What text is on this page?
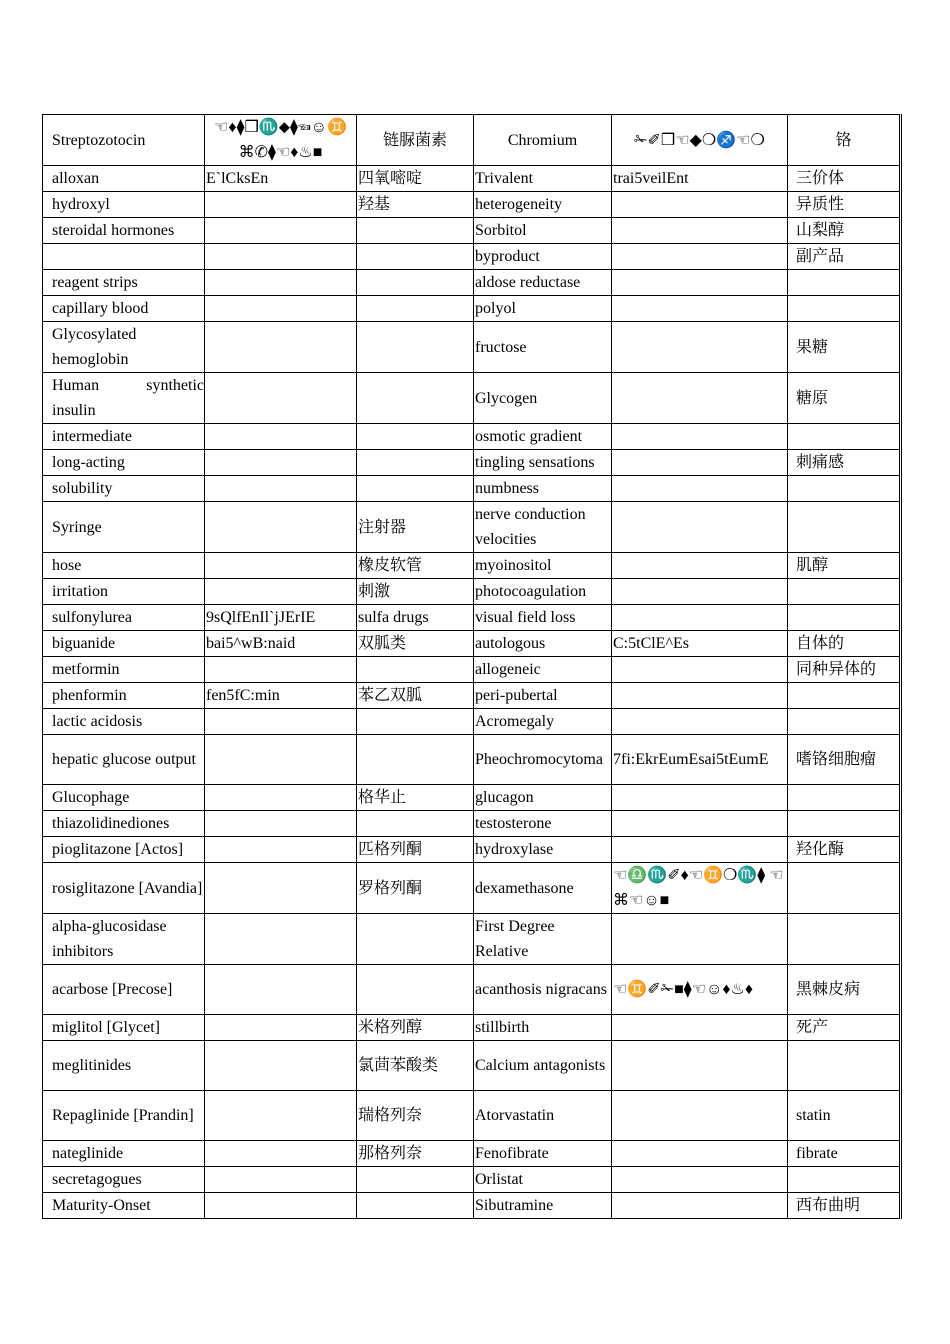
Streptozotocin	☜♦⧫❒♏⬥⧫☜☺♊ ⌘✆⧫☜♦♨■	链脲菌素	Chromium	✁✐❒☜◆❍♐☜❍	铬
alloxan	E`lCksEn	四氧嘧啶	Trivalent	trai5veilEnt	三价体
hydroxyl		羟基	heterogeneity		异质性
steroidal hormones			Sorbitol		山梨醇
			byproduct		副产品
reagent strips			aldose reductase		
capillary blood			polyol		
Glycosylated hemoglobin			fructose		果糖
Human synthetic insulin			Glycogen		糖原
intermediate			osmotic gradient		
long-acting			tingling sensations		刺痛感
solubility			numbness		
Syringe		注射器	nerve conduction velocities		
hose		橡皮软管	myoinositol		肌醇
irritation		刺激	photocoagulation		
sulfonylurea	9sQlfEnIl`jJErIE	sulfa drugs	visual field loss		
biguanide	bai5^wB:naid	双胍类	autologous	C:5tClE^Es	自体的
metformin			allogeneic		同种异体的
phenformin	fen5fC:min	苯乙双胍	peri-pubertal		
lactic acidosis			Acromegaly		
hepatic glucose output			Pheochromocytoma	7fi:EkrEumEsai5tEumE	嗜铬细胞瘤
Glucophage		格华止	glucagon		
thiazolidinediones			testosterone		
pioglitazone [Actos]		匹格列酮	hydroxylase		羟化酶
rosiglitazone [Avandia]		罗格列酮	dexamethasone	☜♎♏✐♦☜♊❍♏⧫ ☜⌘☜☺■	
alpha-glucosidase inhibitors			First Degree Relative		
acarbose [Precose]			acanthosis nigracans	☜♊✐✁■⧫☜☺♦♨♦	黑棘皮病
miglitol [Glycet]		米格列醇	stillbirth		死产
meglitinides		氯茴苯酸类	Calcium antagonists		
Repaglinide [Prandin]		瑞格列奈	Atorvastatin		statin
nateglinide		那格列奈	Fenofibrate		fibrate
secretagogues			Orlistat		
Maturity-Onset			Sibutramine		西布曲明
